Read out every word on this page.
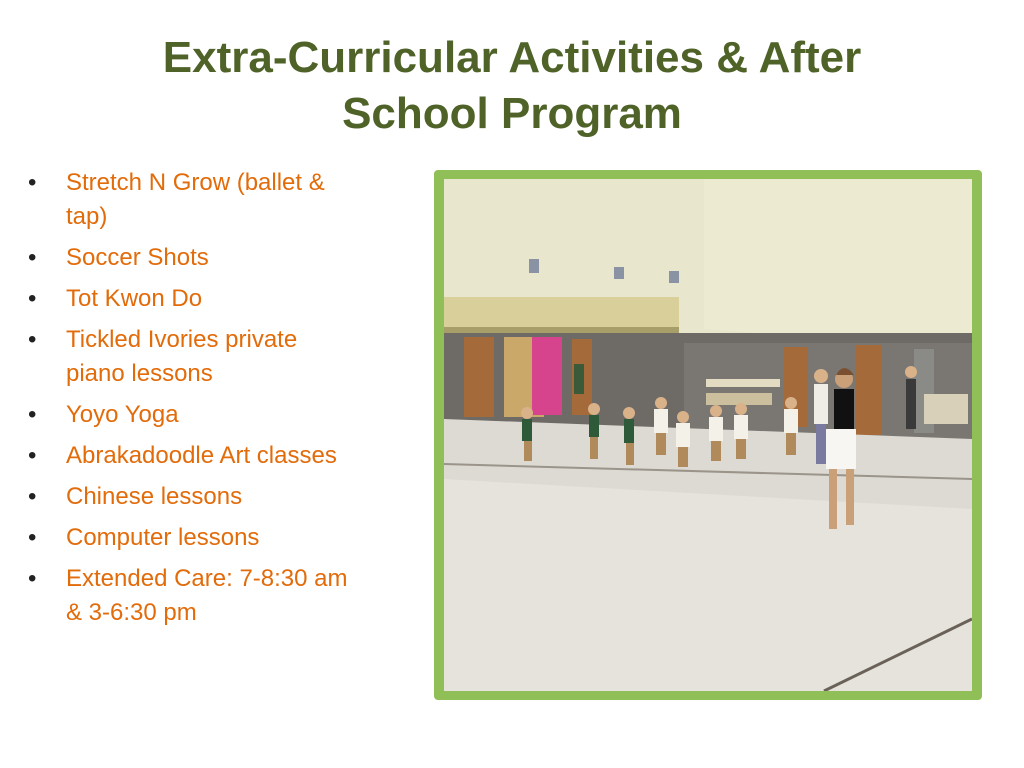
Extra-Curricular Activities & After
School Program
• Stretch N Grow (ballet & tap)
• Soccer Shots
• Tot Kwon Do
• Tickled Ivories private piano lessons
• Yoyo Yoga
• Abrakadoodle Art classes
• Chinese lessons
• Computer lessons
• Extended Care: 7-8:30 am & 3-6:30 pm
